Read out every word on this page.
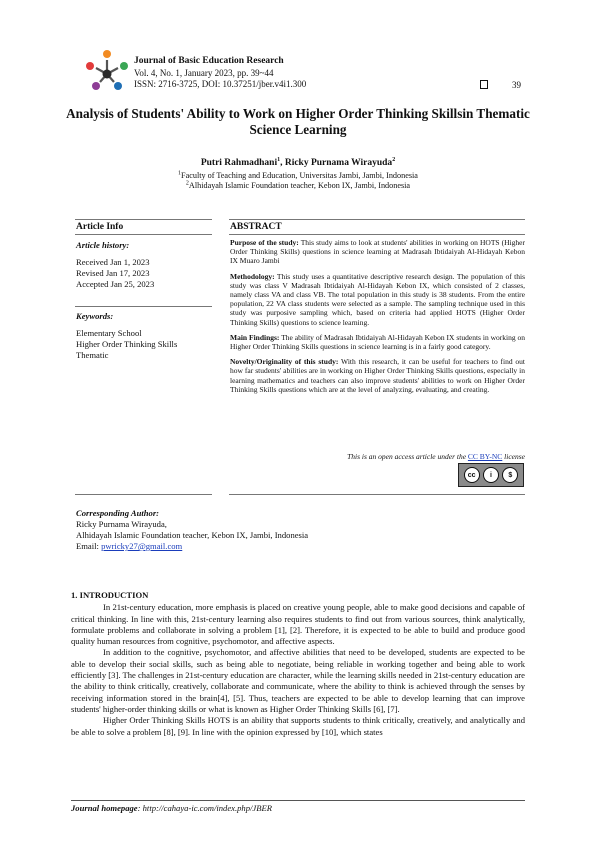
Journal of Basic Education Research
Vol. 4, No. 1, January 2023, pp. 39~44
ISSN: 2716-3725, DOI: 10.37251/jber.v4i1.300	39
Analysis of Students' Ability to Work on Higher Order Thinking Skillsin Thematic Science Learning
Putri Rahmadhani$^1$, Ricky Purnama Wirayuda$^2$
$^1$Faculty of Teaching and Education, Universitas Jambi, Jambi, Indonesia
$^2$Alhidayah Islamic Foundation teacher, Kebon IX, Jambi, Indonesia
Article Info
Article history:
Received Jan 1, 2023
Revised Jan 17, 2023
Accepted Jan 25, 2023
Keywords:
Elementary School
Higher Order Thinking Skills
Thematic
ABSTRACT

Purpose of the study: This study aims to look at students' abilities in working on HOTS (Higher Order Thinking Skills) questions in science learning at Madrasah Ibtidaiyah Al-Hidayah Kebon IX Muaro Jambi

Methodology: This study uses a quantitative descriptive research design. The population of this study was class V Madrasah Ibtidaiyah Al-Hidayah Kebon IX, which consisted of 2 classes, namely class VA and class VB. The total population in this study is 38 students. From the entire population, 22 VA class students were selected as a sample. The sampling technique used in this study was purposive sampling which, based on criteria had applied HOTS (Higher Order Thinking Skills) questions to science learning.

Main Findings: The ability of Madrasah Ibtidaiyah Al-Hidayah Kebon IX students in working on Higher Order Thinking Skills questions in science learning is in a fairly good category.

Novelty/Originality of this study: With this research, it can be useful for teachers to find out how far students' abilities are in working on Higher Order Thinking Skills questions, especially in learning mathematics and teachers can also improve students' abilities to work on Higher Order Thinking Skills questions which are at the level of analyzing, evaluating, and creating.

This is an open access article under the CC BY-NC license
cc	i	$
Corresponding Author:
Ricky Purnama Wirayuda,
Alhidayah Islamic Foundation teacher, Kebon IX, Jambi, Indonesia
Email: pwricky27@gmail.com
1. INTRODUCTION

In 21st-century education, more emphasis is placed on creative young people, able to make good decisions and capable of critical thinking. In line with this, 21st-century learning also requires students to find out from various sources, think analytically, formulate problems and collaborate in solving a problem [1], [2]. Therefore, it is expected to be able to build and produce good quality human resources from cognitive, psychomotor, and affective aspects.

In addition to the cognitive, psychomotor, and affective abilities that need to be developed, students are expected to be able to develop their social skills, such as being able to negotiate, being reliable in working together and being able to work efficiently [3]. The challenges in 21st-century education are character, while the learning skills needed in 21st-century education are the ability to think critically, creatively, collaborate and communicate, where the ability to think is achieved through the senses by receiving information stored in the brain[4], [5]. Thus, teachers are expected to be able to develop learning that can improve students' higher-order thinking skills or what is known as Higher Order Thinking Skills [6], [7].

Higher Order Thinking Skills HOTS is an ability that supports students to think critically, creatively, and analytically and be able to solve a problem [8], [9]. In line with the opinion expressed by [10], which states

Journal homepage: http://cahaya-ic.com/index.php/JBER
